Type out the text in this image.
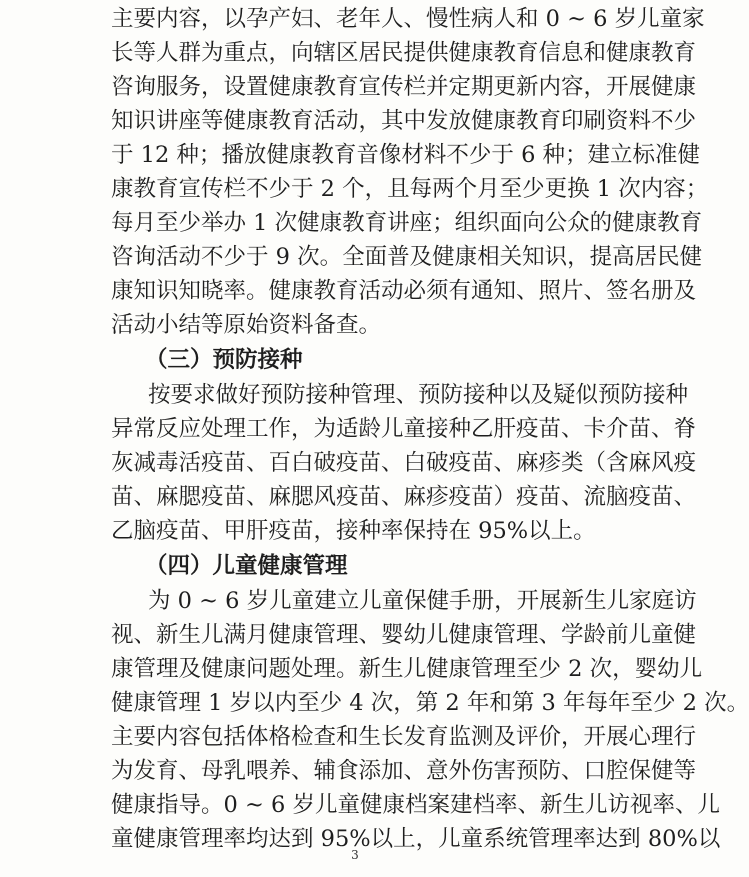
主要内容，以孕产妇、老年人、慢性病人和 0 ~ 6 岁儿童家
长等人群为重点，向辖区居民提供健康教育信息和健康教育
咨询服务，设置健康教育宣传栏并定期更新内容，开展健康
知识讲座等健康教育活动，其中发放健康教育印刷资料不少
于 12 种；播放健康教育音像材料不少于 6 种；建立标准健
康教育宣传栏不少于 2 个，且每两个月至少更换 1 次内容；
每月至少举办 1 次健康教育讲座；组织面向公众的健康教育
咨询活动不少于 9 次。全面普及健康相关知识，提高居民健
康知识知晓率。健康教育活动必须有通知、照片、签名册及
活动小结等原始资料备查。
（三）预防接种
按要求做好预防接种管理、预防接种以及疑似预防接种
异常反应处理工作，为适龄儿童接种乙肝疫苗、卡介苗、脊
灰减毒活疫苗、百白破疫苗、白破疫苗、麻疹类（含麻风疫
苗、麻腮疫苗、麻腮风疫苗、麻疹疫苗）疫苗、流脑疫苗、
乙脑疫苗、甲肝疫苗，接种率保持在 95%以上。
（四）儿童健康管理
为 0 ~ 6 岁儿童建立儿童保健手册，开展新生儿家庭访
视、新生儿满月健康管理、婴幼儿健康管理、学龄前儿童健
康管理及健康问题处理。新生儿健康管理至少 2 次，婴幼儿
健康管理 1 岁以内至少 4 次，第 2 年和第 3 年每年至少 2 次。
主要内容包括体格检查和生长发育监测及评价，开展心理行
为发育、母乳喂养、辅食添加、意外伤害预防、口腔保健等
健康指导。0 ~ 6 岁儿童健康档案建档率、新生儿访视率、儿
童健康管理率均达到 95%以上，儿童系统管理率达到 80%以
3
